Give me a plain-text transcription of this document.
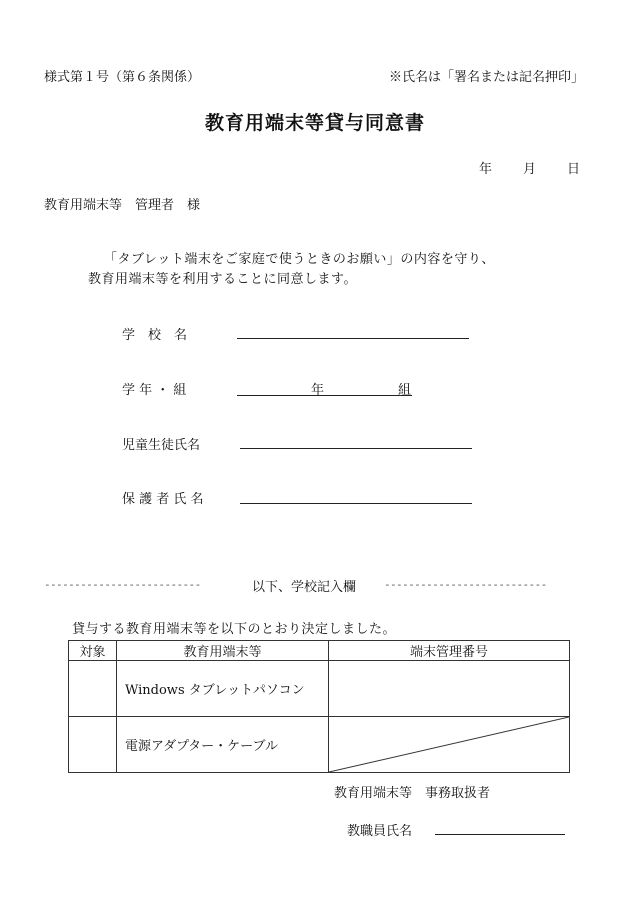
様式第１号（第６条関係）	※氏名は「署名または記名押印」
教育用端末等貸与同意書
年 月 日
教育用端末等　管理者　様
「タブレット端末をご家庭で使うときのお願い」の内容を守り、
教育用端末等を利用することに同意します。
学　校　名
学 年 ・ 組	年	組
児童生徒氏名
保 護 者 氏 名
--------------------------	以下、学校記入欄	---------------------------
貸与する教育用端末等を以下のとおり決定しました。
対象	教育用端末等	端末管理番号
	Windows タブレットパソコン	
	電源アダプター・ケーブル	
教育用端末等　事務取扱者
教職員氏名
